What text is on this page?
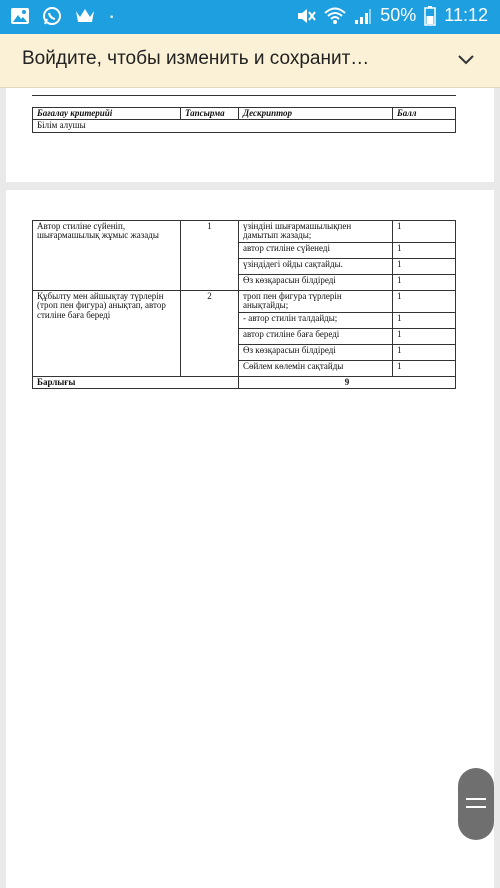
·	50% 11:12
Войдите, чтобы изменить и сохранит…
Бағалау критерийі	Тапсырма	Дескриптор	Балл
Білім алушы
Автор стиліне сүйеніп, шығармашылық жұмыс жазады	1	үзіндіні шығармашылықпен дамытып жазады;	1
		автор стиліне сүйенеді	1
		үзіндідегі ойды сақтайды.	1
		Өз көзқарасын білдіреді	1
Құбылту мен айшықтау түрлерін (троп пен фигура) анықтап, автор стиліне баға береді	2	троп пен фигура түрлерін анықтайды;	1
		- автор стилін талдайды;	1
		автор стиліне баға береді	1
		Өз көзқарасын білдіреді	1
		Сөйлем көлемін сақтайды	1
Барлығы		9	
